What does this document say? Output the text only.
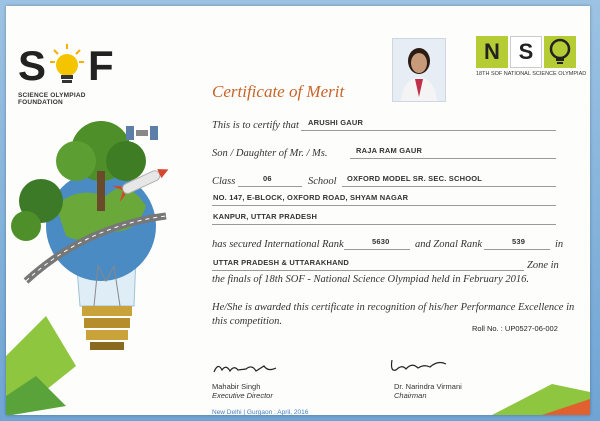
S F
SCIENCE OLYMPIAD FOUNDATION
N S
18TH SOF NATIONAL SCIENCE OLYMPIAD
Certificate of Merit
This is to certify that ARUSHI GAUR
Son / Daughter of Mr. / Ms.	RAJA RAM GAUR
Class	06	School OXFORD MODEL SR. SEC. SCHOOL
NO. 147, E-BLOCK, OXFORD ROAD, SHYAM NAGAR
KANPUR, UTTAR PRADESH
has secured International Rank	5630 and Zonal Rank	539	in
UTTAR PRADESH & UTTARAKHAND	Zone in
the finals of 18th SOF - National Science Olympiad held in February 2016.
He/She is awarded this certificate in recognition of his/her Performance Excellence in
this competition.
Roll No. : UP0527-06-002
Mahabir Singh
Executive Director
Dr. Narindra Virmani
Chairman
New Delhi | Gurgaon : April, 2016
